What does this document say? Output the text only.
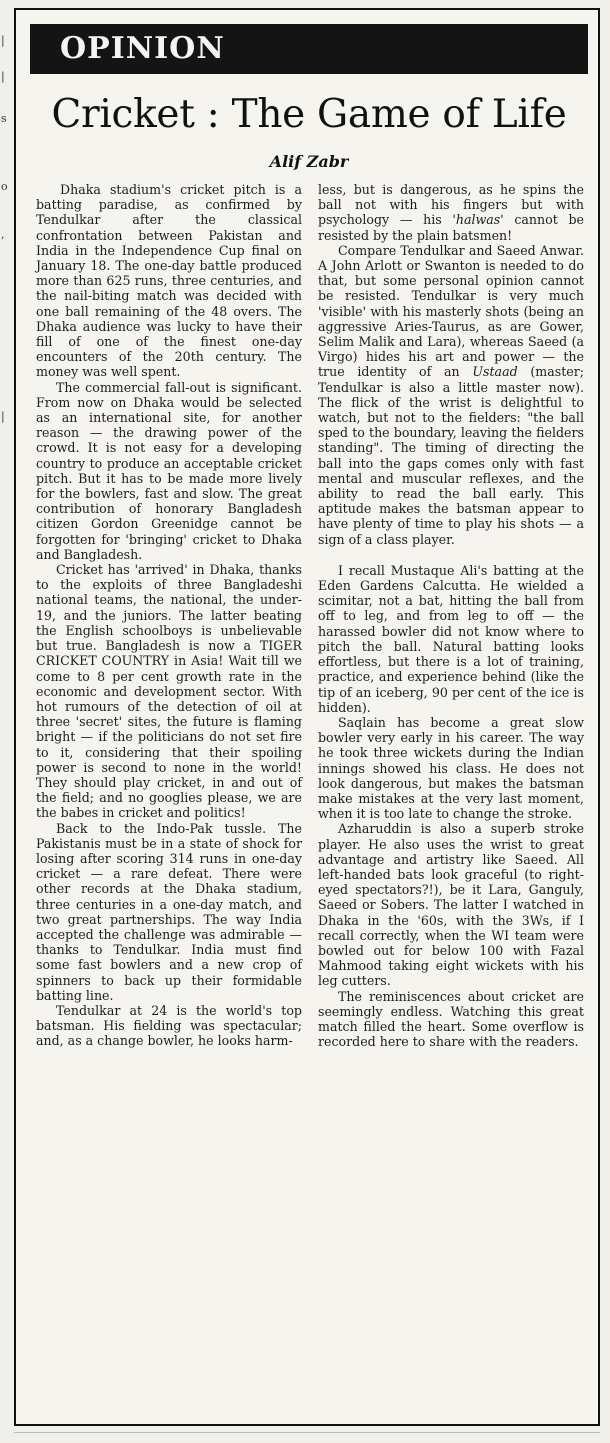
|
|
s
o
,
|
OPINION
Cricket : The Game of Life
Alif Zabr

Dhaka stadium's cricket pitch is a batting paradise, as confirmed by Tendulkar after the classical confrontation between Pakistan and India in the Independence Cup final on January 18. The one-day battle produced more than 625 runs, three centuries, and the nail-biting match was decided with one ball remaining of the 48 overs. The Dhaka audience was lucky to have their fill of one of the finest one-day encounters of the 20th century. The money was well spent.

The commercial fall-out is significant. From now on Dhaka would be selected as an international site, for another reason — the drawing power of the crowd. It is not easy for a developing country to produce an acceptable cricket pitch. But it has to be made more lively for the bowlers, fast and slow. The great contribution of honorary Bangladesh citizen Gordon Greenidge cannot be forgotten for 'bringing' cricket to Dhaka and Bangladesh.

Cricket has 'arrived' in Dhaka, thanks to the exploits of three Bangladeshi national teams, the national, the under-19, and the juniors. The latter beating the English schoolboys is unbelievable but true. Bangladesh is now a TIGER CRICKET COUNTRY in Asia! Wait till we come to 8 per cent growth rate in the economic and development sector. With hot rumours of the detection of oil at three 'secret' sites, the future is flaming bright — if the politicians do not set fire to it, considering that their spoiling power is second to none in the world! They should play cricket, in and out of the field; and no googlies please, we are the babes in cricket and politics!

Back to the Indo-Pak tussle. The Pakistanis must be in a state of shock for losing after scoring 314 runs in one-day cricket — a rare defeat. There were other records at the Dhaka stadium, three centuries in a one-day match, and two great partnerships. The way India accepted the challenge was admirable — thanks to Tendulkar. India must find some fast bowlers and a new crop of spinners to back up their formidable batting line.

Tendulkar at 24 is the world's top batsman. His fielding was spectacular; and, as a change bowler, he looks harm-

less, but is dangerous, as he spins the ball not with his fingers but with psychology — his 'halwas' cannot be resisted by the plain batsmen!

Compare Tendulkar and Saeed Anwar. A John Arlott or Swanton is needed to do that, but some personal opinion cannot be resisted. Tendulkar is very much 'visible' with his masterly shots (being an aggressive Aries-Taurus, as are Gower, Selim Malik and Lara), whereas Saeed (a Virgo) hides his art and power — the true identity of an Ustaad (master; Tendulkar is also a little master now). The flick of the wrist is delightful to watch, but not to the fielders: "the ball sped to the boundary, leaving the fielders standing". The timing of directing the ball into the gaps comes only with fast mental and muscular reflexes, and the ability to read the ball early. This aptitude makes the batsman appear to have plenty of time to play his shots — a sign of a class player.

I recall Mustaque Ali's batting at the Eden Gardens Calcutta. He wielded a scimitar, not a bat, hitting the ball from off to leg, and from leg to off — the harassed bowler did not know where to pitch the ball. Natural batting looks effortless, but there is a lot of training, practice, and experience behind (like the tip of an iceberg, 90 per cent of the ice is hidden).

Saqlain has become a great slow bowler very early in his career. The way he took three wickets during the Indian innings showed his class. He does not look dangerous, but makes the batsman make mistakes at the very last moment, when it is too late to change the stroke.

Azharuddin is also a superb stroke player. He also uses the wrist to great advantage and artistry like Saeed. All left-handed bats look graceful (to right-eyed spectators?!), be it Lara, Ganguly, Saeed or Sobers. The latter I watched in Dhaka in the '60s, with the 3Ws, if I recall correctly, when the WI team were bowled out for below 100 with Fazal Mahmood taking eight wickets with his leg cutters.

The reminiscences about cricket are seemingly endless. Watching this great match filled the heart. Some overflow is recorded here to share with the readers.
